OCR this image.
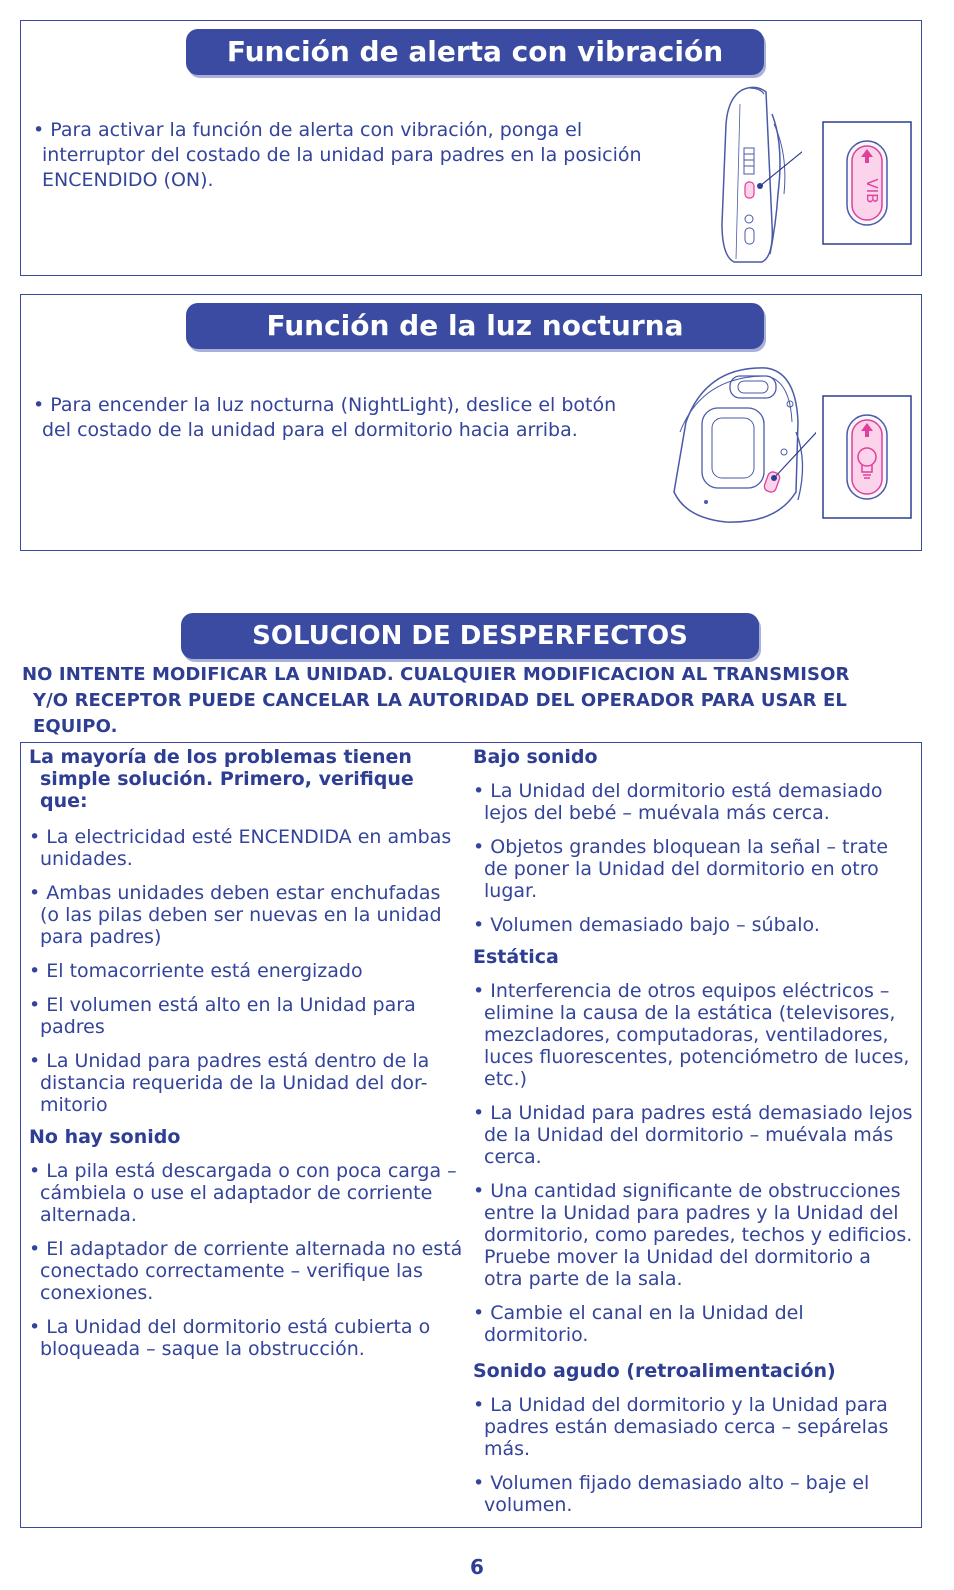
Función de alerta con vibración
• Para activar la función de alerta con vibración, ponga el
interruptor del costado de la unidad para padres en la posición
ENCENDIDO (ON).	VIB
Función de la luz nocturna
• Para encender la luz nocturna (NightLight), deslice el botón
del costado de la unidad para el dormitorio hacia arriba.
SOLUCION DE DESPERFECTOS
NO INTENTE MODIFICAR LA UNIDAD. CUALQUIER MODIFICACION AL TRANSMISOR
Y/O RECEPTOR PUEDE CANCELAR LA AUTORIDAD DEL OPERADOR PARA USAR EL
EQUIPO.
La mayoría de los problemas tienen simple solución. Primero, verifique que:
• La electricidad esté ENCENDIDA en ambas unidades.
• Ambas unidades deben estar enchufadas (o las pilas deben ser nuevas en la unidad para padres)
• El tomacorriente está energizado
• El volumen está alto en la Unidad para padres
• La Unidad para padres está dentro de la distancia requerida de la Unidad del dor- mitorio
No hay sonido
• La pila está descargada o con poca carga – cámbiela o use el adaptador de corriente alternada.
• El adaptador de corriente alternada no está conectado correctamente – verifique las conexiones.
• La Unidad del dormitorio está cubierta o bloqueada – saque la obstrucción.
Bajo sonido
• La Unidad del dormitorio está demasiado lejos del bebé – muévala más cerca.
• Objetos grandes bloquean la señal – trate de poner la Unidad del dormitorio en otro lugar.
• Volumen demasiado bajo – súbalo.
Estática
• Interferencia de otros equipos eléctricos – elimine la causa de la estática (televisores, mezcladores, computadoras, ventiladores, luces fluorescentes, potenciómetro de luces, etc.)
• La Unidad para padres está demasiado lejos de la Unidad del dormitorio – muévala más cerca.
• Una cantidad significante de obstrucciones entre la Unidad para padres y la Unidad del dormitorio, como paredes, techos y edificios. Pruebe mover la Unidad del dormitorio a otra parte de la sala.
• Cambie el canal en la Unidad del dormitorio.
Sonido agudo (retroalimentación)
• La Unidad del dormitorio y la Unidad para padres están demasiado cerca – sepárelas más.
• Volumen fijado demasiado alto – baje el volumen.
6
